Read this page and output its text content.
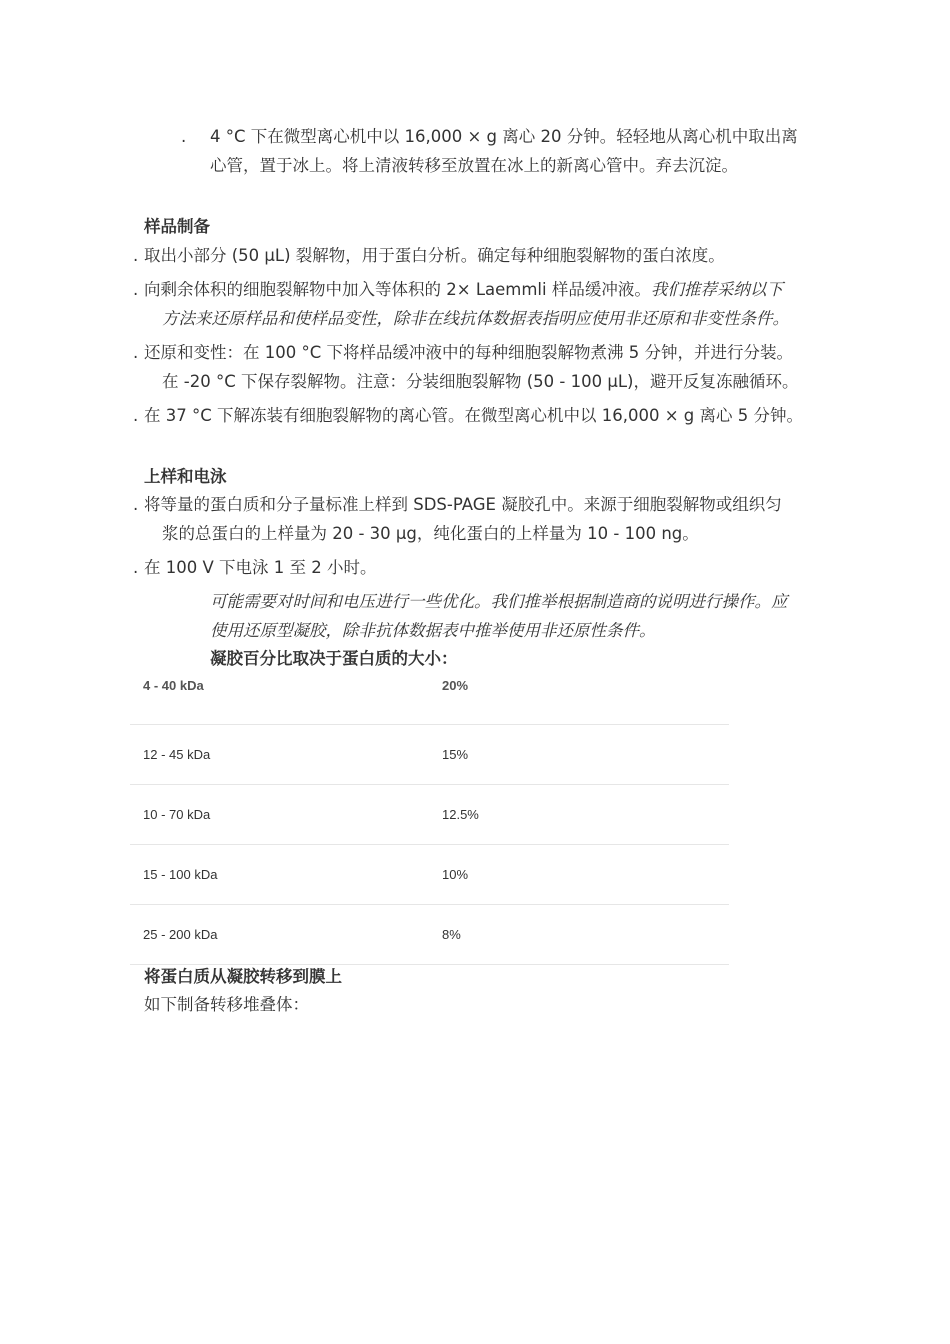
. 4 °C 下在微型离心机中以 16,000 × g 离心 20 分钟。轻轻地从离心机中取出离
心管，置于冰上。将上清液转移至放置在冰上的新离心管中。弃去沉淀。
样品制备
. 取出小部分 (50 µL) 裂解物，用于蛋白分析。确定每种细胞裂解物的蛋白浓度。
. 向剩余体积的细胞裂解物中加入等体积的 2× Laemmli 样品缓冲液。我们推荐采纳以下
方法来还原样品和使样品变性，除非在线抗体数据表指明应使用非还原和非变性条件。
. 还原和变性：在 100 °C 下将样品缓冲液中的每种细胞裂解物煮沸 5 分钟，并进行分装。
在 -20 °C 下保存裂解物。注意：分装细胞裂解物 (50 - 100 µL)，避开反复冻融循环。
. 在 37 °C 下解冻装有细胞裂解物的离心管。在微型离心机中以 16,000 × g 离心 5 分钟。
上样和电泳
. 将等量的蛋白质和分子量标准上样到 SDS-PAGE 凝胶孔中。来源于细胞裂解物或组织匀
浆的总蛋白的上样量为 20 - 30 µg，纯化蛋白的上样量为 10 - 100 ng。
. 在 100 V 下电泳 1 至 2 小时。
可能需要对时间和电压进行一些优化。我们推举根据制造商的说明进行操作。应
使用还原型凝胶，除非抗体数据表中推举使用非还原性条件。
凝胶百分比取决于蛋白质的大小：
4 - 40 kDa	20%
12 - 45 kDa	15%
10 - 70 kDa	12.5%
15 - 100 kDa	10%
25 - 200 kDa	8%
将蛋白质从凝胶转移到膜上
如下制备转移堆叠体：
